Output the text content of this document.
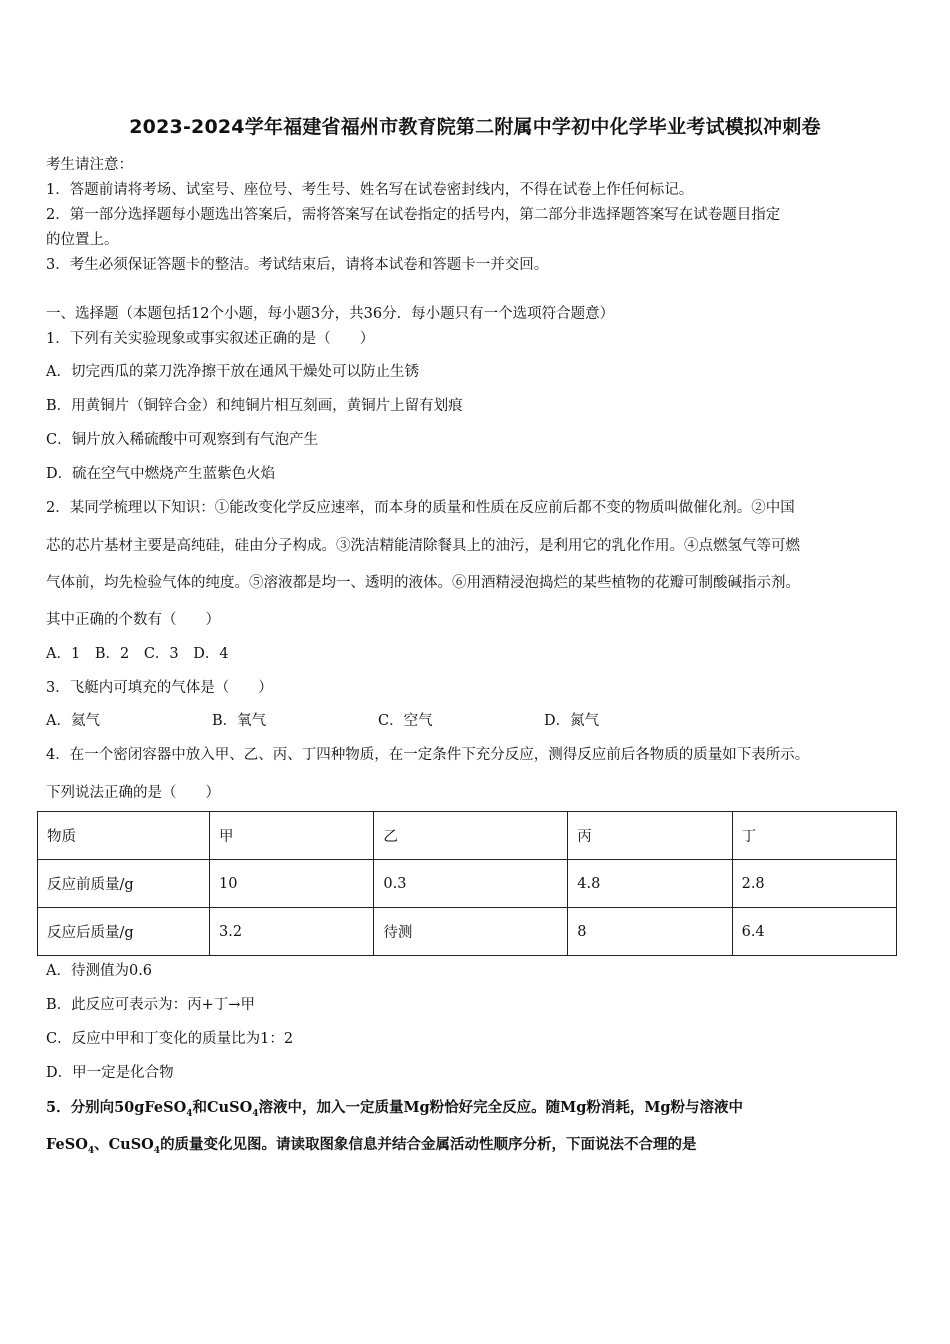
2023-2024学年福建省福州市教育院第二附属中学初中化学毕业考试模拟冲刺卷
考生请注意：
1．答题前请将考场、试室号、座位号、考生号、姓名写在试卷密封线内，不得在试卷上作任何标记。
2．第一部分选择题每小题选出答案后，需将答案写在试卷指定的括号内，第二部分非选择题答案写在试卷题目指定
的位置上。
3．考生必须保证答题卡的整洁。考试结束后，请将本试卷和答题卡一并交回。
一、选择题（本题包括12个小题，每小题3分，共36分．每小题只有一个选项符合题意）
1．下列有关实验现象或事实叙述正确的是（　　）
A．切完西瓜的菜刀洗净擦干放在通风干燥处可以防止生锈
B．用黄铜片（铜锌合金）和纯铜片相互刻画，黄铜片上留有划痕
C．铜片放入稀硫酸中可观察到有气泡产生
D．硫在空气中燃烧产生蓝紫色火焰
2．某同学梳理以下知识：①能改变化学反应速率，而本身的质量和性质在反应前后都不变的物质叫做催化剂。②中国
芯的芯片基材主要是高纯硅，硅由分子构成。③洗洁精能清除餐具上的油污，是利用它的乳化作用。④点燃氢气等可燃
气体前，均先检验气体的纯度。⑤溶液都是均一、透明的液体。⑥用酒精浸泡捣烂的某些植物的花瓣可制酸碱指示剂。
其中正确的个数有（　　）
A．1 B．2 C．3 D．4
3．飞艇内可填充的气体是（　　）
A．氦气	B．氧气	C．空气	D．氮气
4．在一个密闭容器中放入甲、乙、丙、丁四种物质，在一定条件下充分反应，测得反应前后各物质的质量如下表所示。
下列说法正确的是（　　）
物质	甲	乙	丙	丁
反应前质量/g	10	0.3	4.8	2.8
反应后质量/g	3.2	待测	8	6.4
A．待测值为0.6
B．此反应可表示为：丙+丁→甲
C．反应中甲和丁变化的质量比为1：2
D．甲一定是化合物
5．分别向50gFeSO$_4$和CuSO$_4$溶液中，加入一定质量Mg粉恰好完全反应。随Mg粉消耗，Mg粉与溶液中
FeSO$_4$、CuSO$_4$的质量变化见图。请读取图象信息并结合金属活动性顺序分析，下面说法不合理的是
